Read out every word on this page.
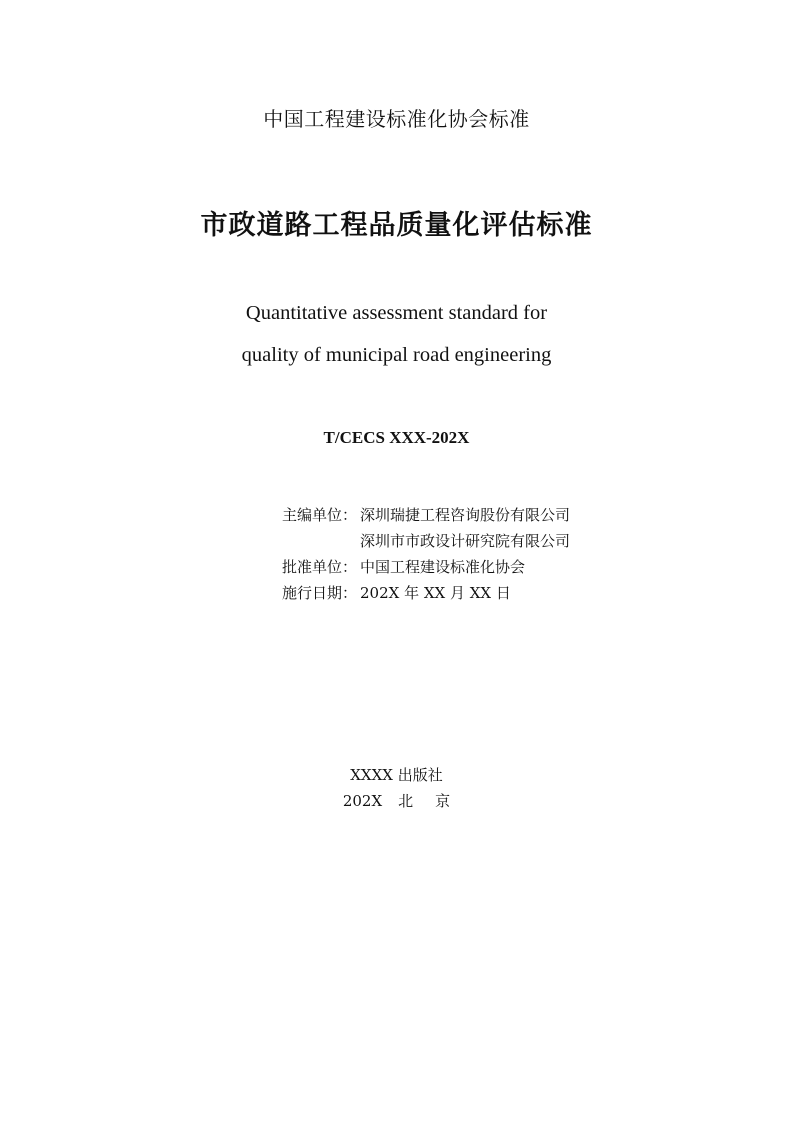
中国工程建设标准化协会标准
市政道路工程品质量化评估标准
Quantitative assessment standard for
quality of municipal road engineering
T/CECS XXX-202X
主编单位： 深圳瑞捷工程咨询股份有限公司
深圳市市政设计研究院有限公司
批准单位： 中国工程建设标准化协会
施行日期： 202X 年 XX 月 XX 日
XXXX 出版社
202X 北 京
